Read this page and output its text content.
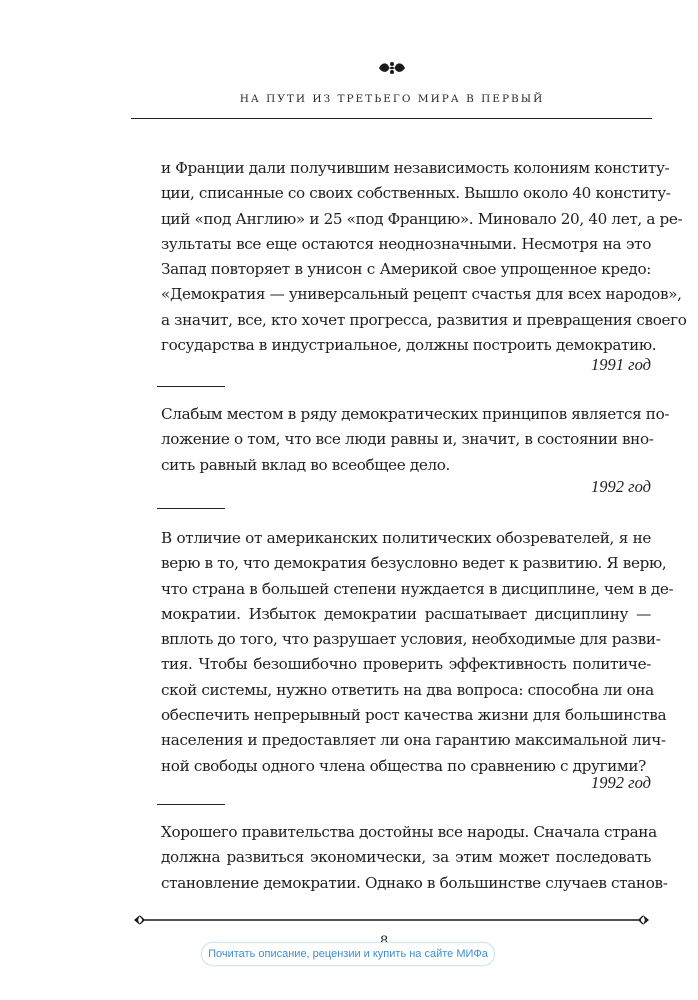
НА ПУТИ ИЗ ТРЕТЬЕГО МИРА В ПЕРВЫЙ
и Франции дали получившим независимость колониям конститу-
ции, списанные со своих собственных. Вышло около 40 конститу-
ций «под Англию» и 25 «под Францию». Миновало 20, 40 лет, а ре-
зультаты все еще остаются неоднозначными. Несмотря на это
Запад повторяет в унисон с Америкой свое упрощенное кредо:
«Демократия — универсальный рецепт счастья для всех народов»,
а значит, все, кто хочет прогресса, развития и превращения своего
государства в индустриальное, должны построить демократию.
1991 год
Слабым местом в ряду демократических принципов является по-
ложение о том, что все люди равны и, значит, в состоянии вно-
сить равный вклад во всеобщее дело.
1992 год
В отличие от американских политических обозревателей, я не
верю в то, что демократия безусловно ведет к развитию. Я верю,
что страна в большей степени нуждается в дисциплине, чем в де-
мократии. Избыток демократии расшатывает дисциплину —
вплоть до того, что разрушает условия, необходимые для разви-
тия. Чтобы безошибочно проверить эффективность политиче-
ской системы, нужно ответить на два вопроса: способна ли она
обеспечить непрерывный рост качества жизни для большинства
населения и предоставляет ли она гарантию максимальной лич-
ной свободы одного члена общества по сравнению с другими?
1992 год
Хорошего правительства достойны все народы. Сначала страна
должна развиться экономически, за этим может последовать
становление демократии. Однако в большинстве случаев станов-
Почитать описание, рецензии и купить на сайте МИФа
